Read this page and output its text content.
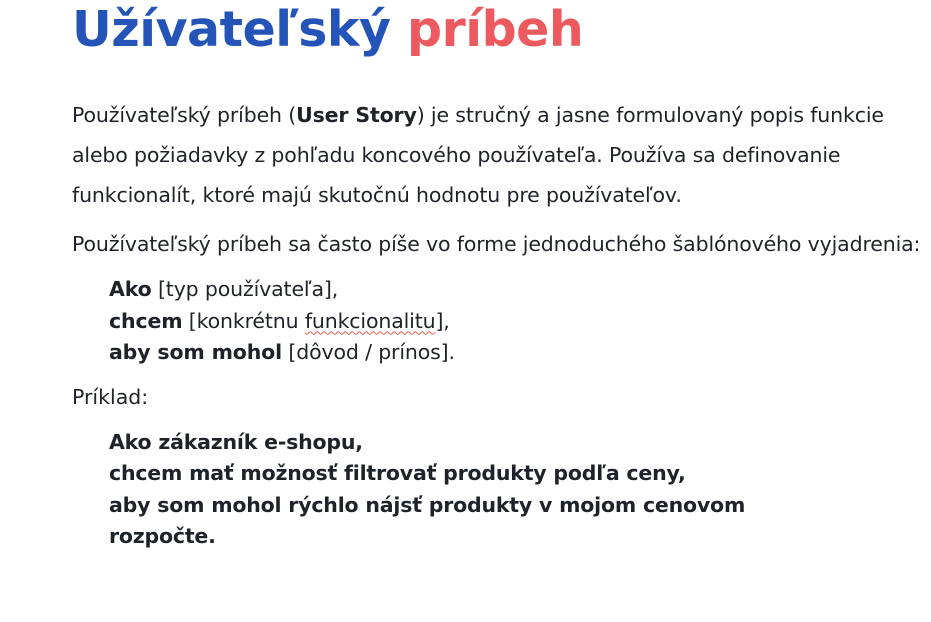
Užívateľský príbeh

Používateľský príbeh (User Story) je stručný a jasne formulovaný popis funkcie alebo požiadavky z pohľadu koncového používateľa. Používa sa definovanie funkcionalít, ktoré majú skutočnú hodnotu pre používateľov.

Používateľský príbeh sa často píše vo forme jednoduchého šablónového vyjadrenia:

Ako [typ používateľa],
chcem [konkrétnu funkcionalitu],
aby som mohol [dôvod / prínos].

Príklad:

Ako zákazník e-shopu,
chcem mať možnosť filtrovať produkty podľa ceny,
aby som mohol rýchlo nájsť produkty v mojom cenovom rozpočte.
